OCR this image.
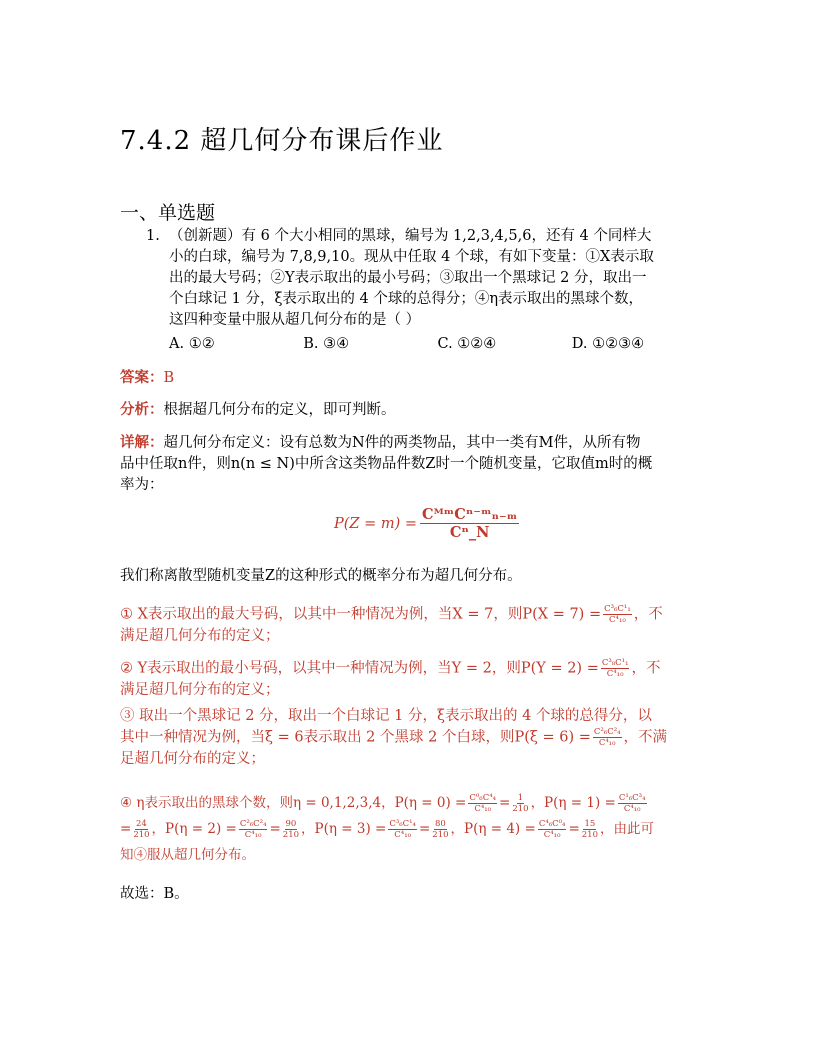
7.4.2 超几何分布课后作业
一、单选题
1. （创新题）有 6 个大小相同的黑球，编号为 1,2,3,4,5,6，还有 4 个同样大
小的白球，编号为 7,8,9,10。现从中任取 4 个球，有如下变量：①X表示取
出的最大号码；②Y表示取出的最小号码；③取出一个黑球记 2 分，取出一
个白球记 1 分，ξ表示取出的 4 个球的总得分；④η表示取出的黑球个数，
这四种变量中服从超几何分布的是（ ）
A. ①②	B. ③④	C. ①②④	D. ①②③④
答案：B
分析：根据超几何分布的定义，即可判断。
详解：超几何分布定义：设有总数为N件的两类物品，其中一类有M件，从所有物
品中任取n件，则n(n ≤ N)中所含这类物品件数Z时一个随机变量，它取值m时的概
率为：
$P(Z = m) = \frac{\text{CᴹᵐCⁿ⁻ᵐₙ₋ₘ}}{\text{Cⁿ\_N}}$
我们称离散型随机变量Z的这种形式的概率分布为超几何分布。
① X表示取出的最大号码，以其中一种情况为例，当X = 7，则$P(X = 7) = \frac{\text{C³₆C¹₁}}{\text{C⁴₁₀}}$ ，不
满足超几何分布的定义；
② Y表示取出的最小号码，以其中一种情况为例，当Y = 2，则$P(Y = 2) = \frac{\text{C³₈C¹₁}}{\text{C⁴₁₀}}$ ，不
满足超几何分布的定义；
③ 取出一个黑球记 2 分，取出一个白球记 1 分，ξ表示取出的 4 个球的总得分，以
其中一种情况为例，当ξ = 6表示取出 2 个黑球 2 个白球，则$P(\xi = 6) = \frac{\text{C²₆C²₄}}{\text{C⁴₁₀}}$ ，不满
足超几何分布的定义；
④ η表示取出的黑球个数，则η = 0,1,2,3,4，$P(\eta = 0) = \frac{\text{C⁰₆C⁴₄}}{\text{C⁴₁₀}} = \frac{1}{210}$ ，$P(\eta = 1) = \frac{\text{C¹₆C³₄}}{\text{C⁴₁₀}}$
= $\frac{24}{210}$ ，$P(\eta = 2) = \frac{\text{C²₆C²₄}}{\text{C⁴₁₀}} = \frac{90}{210}$ ，$P(\eta = 3) = \frac{\text{C³₆C¹₄}}{\text{C⁴₁₀}} = \frac{80}{210}$ ，$P(\eta = 4) = \frac{\text{C⁴₆C⁰₄}}{\text{C⁴₁₀}} = \frac{15}{210}$ ，由此可
知④服从超几何分布。
故选：B。
